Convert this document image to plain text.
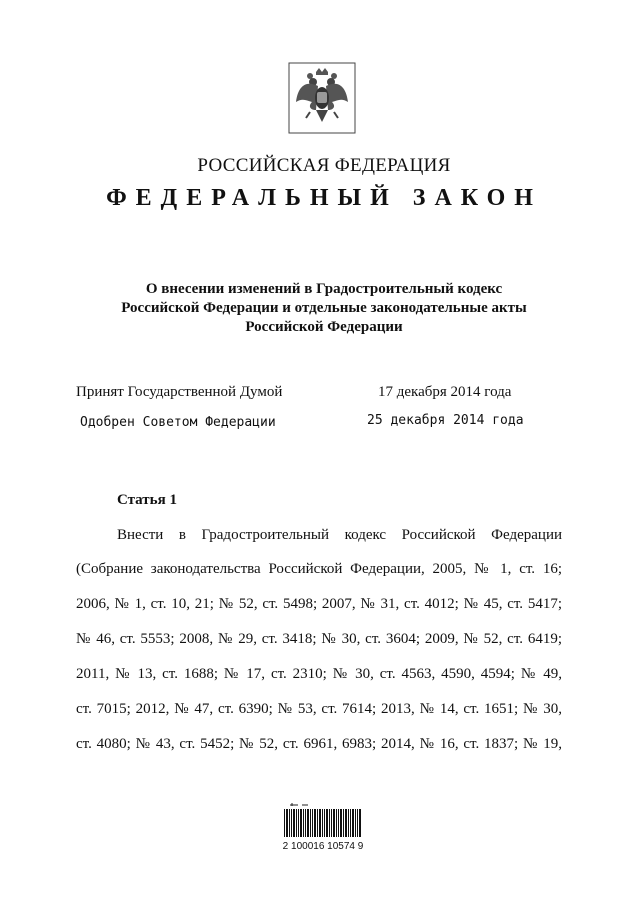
РОССИЙСКАЯ ФЕДЕРАЦИЯ
ФЕДЕРАЛЬНЫЙ ЗАКОН
О внесении изменений в Градостроительный кодекс
Российской Федерации и отдельные законодательные акты
Российской Федерации
Принят Государственной Думой	17 декабря 2014 года
Одобрен Советом Федерации	25 декабря 2014 года
Статья 1
Внести в Градостроительный кодекс Российской Федерации
(Собрание законодательства Российской Федерации, 2005, № 1, ст. 16;
2006, № 1, ст. 10, 21; № 52, ст. 5498; 2007, № 31, ст. 4012; № 45, ст. 5417;
№ 46, ст. 5553; 2008, № 29, ст. 3418; № 30, ст. 3604; 2009, № 52, ст. 6419;
2011, № 13, ст. 1688; № 17, ст. 2310; № 30, ст. 4563, 4590, 4594; № 49,
ст. 7015; 2012, № 47, ст. 6390; № 53, ст. 7614; 2013, № 14, ст. 1651; № 30,
ст. 4080; № 43, ст. 5452; № 52, ст. 6961, 6983; 2014, № 16, ст. 1837; № 19,
2 100016 10574 9
